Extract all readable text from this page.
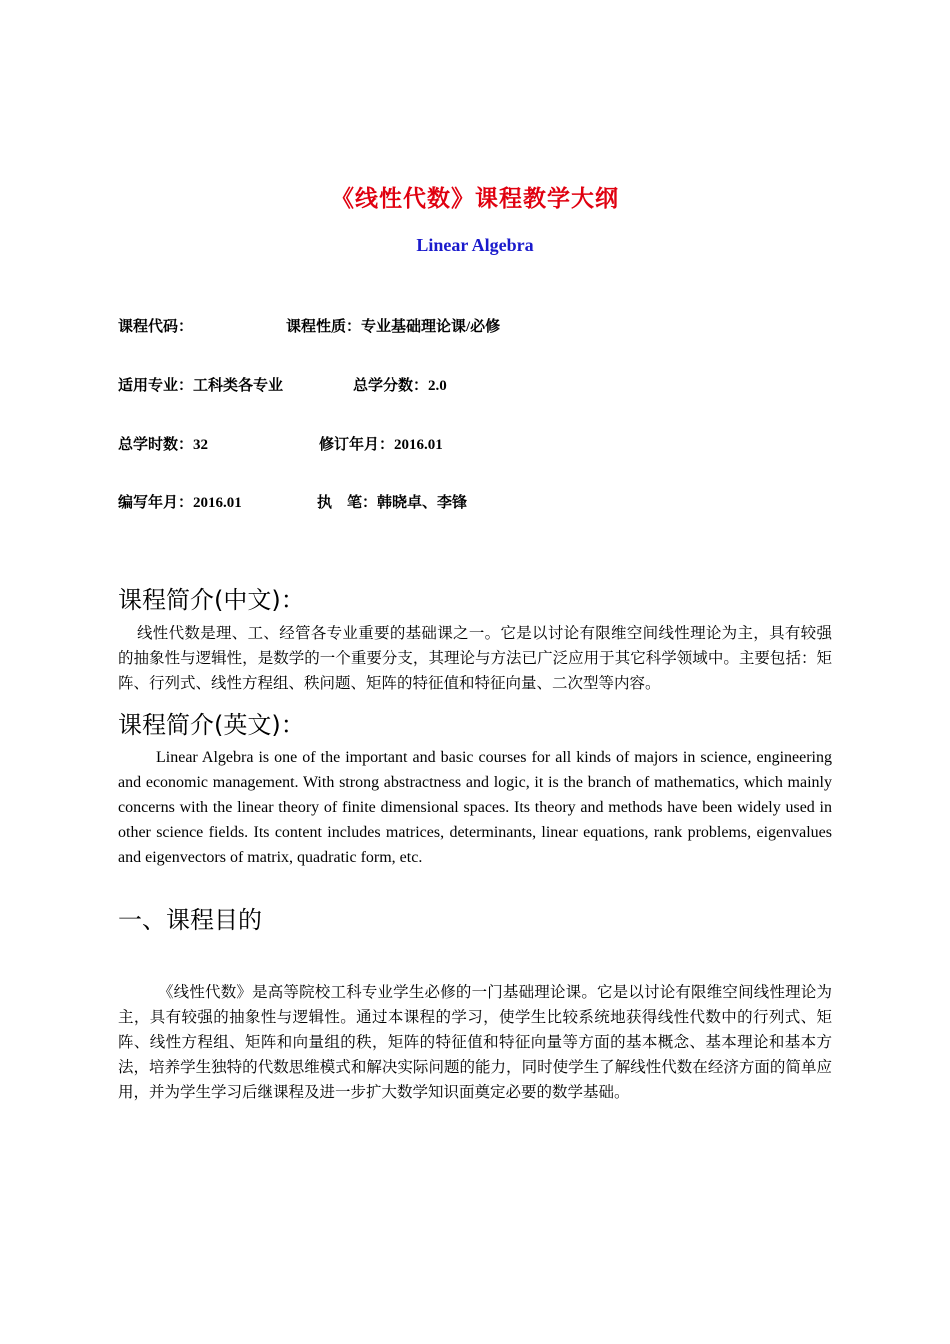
《线性代数》课程教学大纲
Linear Algebra
课程代码：	课程性质：专业基础理论课/必修
适用专业：工科类各专业	总学分数：2.0
总学时数：32	修订年月：2016.01
编写年月：2016.01	执　笔：韩晓卓、李锋
课程简介(中文)：
线性代数是理、工、经管各专业重要的基础课之一。它是以讨论有限维空间线性理论为主，具有较强的抽象性与逻辑性，是数学的一个重要分支，其理论与方法已广泛应用于其它科学领域中。主要包括：矩阵、行列式、线性方程组、秩问题、矩阵的特征值和特征向量、二次型等内容。
课程简介(英文)：
Linear Algebra is one of the important and basic courses for all kinds of majors in science, engineering and economic management. With strong abstractness and logic, it is the branch of mathematics, which mainly concerns with the linear theory of finite dimensional spaces. Its theory and methods have been widely used in other science fields. Its content includes matrices, determinants, linear equations, rank problems, eigenvalues and eigenvectors of matrix, quadratic form, etc.
一、课程目的
《线性代数》是高等院校工科专业学生必修的一门基础理论课。它是以讨论有限维空间线性理论为主，具有较强的抽象性与逻辑性。通过本课程的学习，使学生比较系统地获得线性代数中的行列式、矩阵、线性方程组、矩阵和向量组的秩，矩阵的特征值和特征向量等方面的基本概念、基本理论和基本方法，培养学生独特的代数思维模式和解决实际问题的能力，同时使学生了解线性代数在经济方面的简单应用，并为学生学习后继课程及进一步扩大数学知识面奠定必要的数学基础。
